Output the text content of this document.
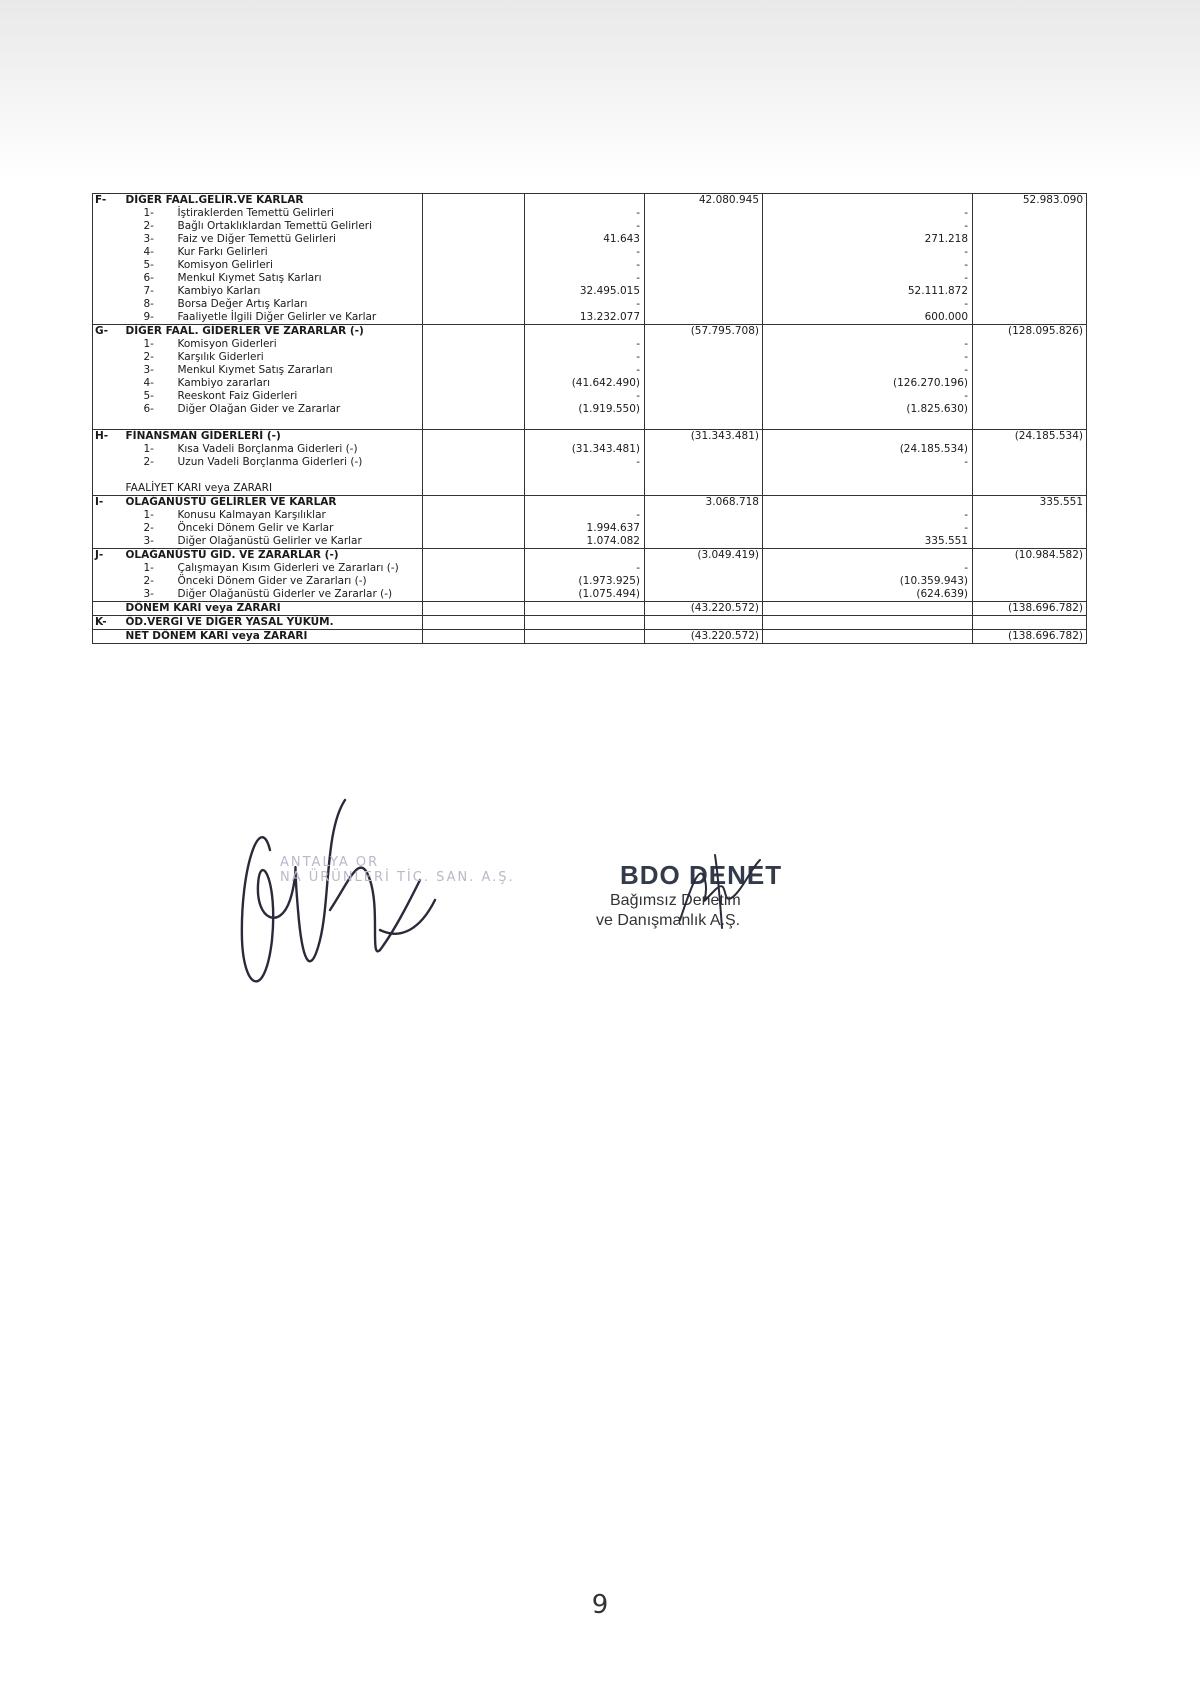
F-	DİĞER FAAL.GELİR.VE KARLAR			42.080.945		52.983.090
	1- İştiraklerden Temettü Gelirleri		-		-	
	2- Bağlı Ortaklıklardan Temettü Gelirleri		-		-	
	3- Faiz ve Diğer Temettü Gelirleri		41.643		271.218	
	4- Kur Farkı Gelirleri		-		-	
	5- Komisyon Gelirleri		-		-	
	6- Menkul Kıymet Satış Karları		-		-	
	7- Kambiyo Karları		32.495.015		52.111.872	
	8- Borsa Değer Artış Karları		-		-	
	9- Faaliyetle İlgili Diğer Gelirler ve Karlar		13.232.077		600.000	
G-	DİĞER FAAL. GİDERLER VE ZARARLAR (-)			(57.795.708)		(128.095.826)
	1- Komisyon Giderleri		-		-	
	2- Karşılık Giderleri		-		-	
	3- Menkul Kıymet Satış Zararları		-		-	
	4- Kambiyo zararları		(41.642.490)		(126.270.196)	
	5- Reeskont Faiz Giderleri		-		-	
	6- Diğer Olağan Gider ve Zararlar		(1.919.550)		(1.825.630)	

H-	FİNANSMAN GİDERLERİ (-)			(31.343.481)		(24.185.534)
	1- Kısa Vadeli Borçlanma Giderleri (-)		(31.343.481)		(24.185.534)	
	2- Uzun Vadeli Borçlanma Giderleri (-)		-		-	

	FAALİYET KARI veya ZARARI					
I-	OLAĞANÜSTÜ GELİRLER VE KARLAR			3.068.718		335.551
	1- Konusu Kalmayan Karşılıklar		-		-	
	2- Önceki Dönem Gelir ve Karlar		1.994.637		-	
	3- Diğer Olağanüstü Gelirler ve Karlar		1.074.082		335.551	
J-	OLAĞANÜSTÜ GİD. VE ZARARLAR (-)			(3.049.419)		(10.984.582)
	1- Çalışmayan Kısım Giderleri ve Zararları (-)		-		-	
	2- Önceki Dönem Gider ve Zararları (-)		(1.973.925)		(10.359.943)	
	3- Diğer Olağanüstü Giderler ve Zararlar (-)		(1.075.494)		(624.639)	
	DÖNEM KARI veya ZARARI			(43.220.572)		(138.696.782)
K-	ÖD.VERGİ VE DİĞER YASAL YÜKÜM.					
	NET DÖNEM KARI veya ZARARI			(43.220.572)		(138.696.782)
ANTALYA OR
NA ÜRÜNLERİ TİC. SAN. A.Ş.	BDO DENET
Bağımsız Denetim
ve Danışmanlık A.Ş.
9
